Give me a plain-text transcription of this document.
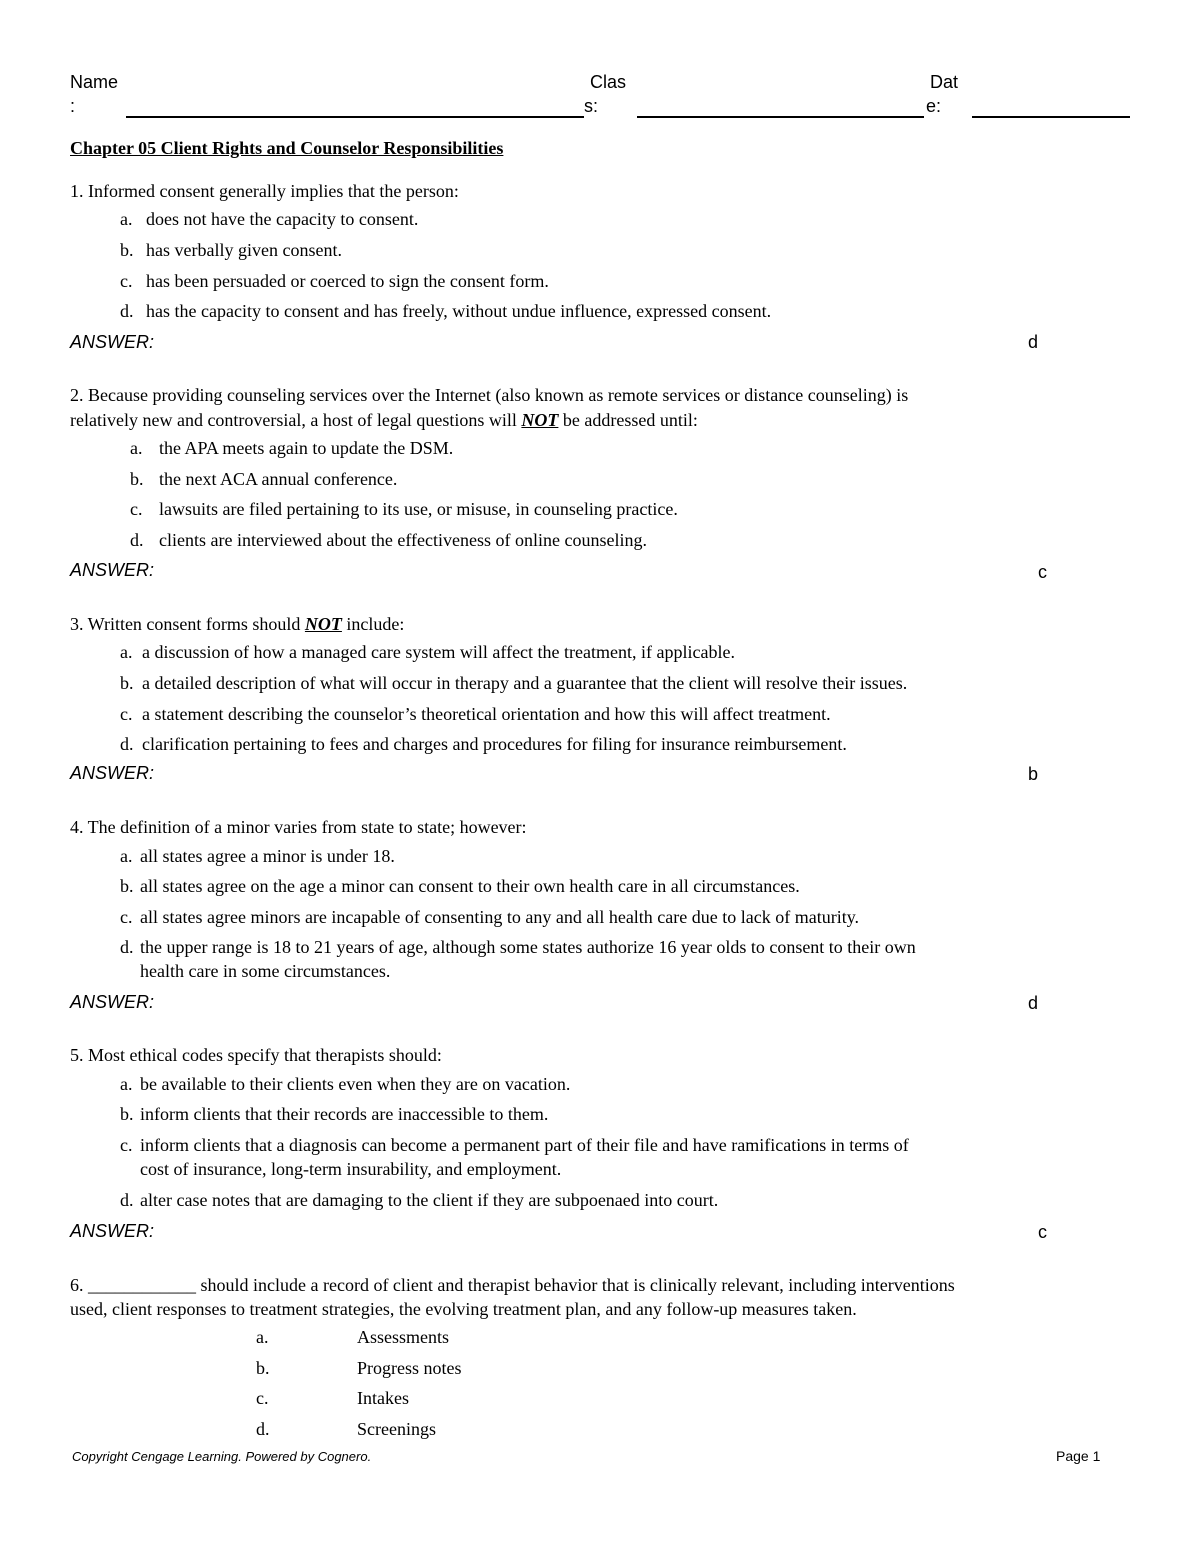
Name
:
Clas
s:
Dat
e:
Chapter 05 Client Rights and Counselor Responsibilities
1. Informed consent generally implies that the person:
a. does not have the capacity to consent.
b. has verbally given consent.
c. has been persuaded or coerced to sign the consent form.
d. has the capacity to consent and has freely, without undue influence, expressed consent.
ANSWER:	d
2. Because providing counseling services over the Internet (also known as remote services or distance counseling) is
relatively new and controversial, a host of legal questions will NOT be addressed until:
a. the APA meets again to update the DSM.
b. the next ACA annual conference.
c. lawsuits are filed pertaining to its use, or misuse, in counseling practice.
d. clients are interviewed about the effectiveness of online counseling.
ANSWER:	c
3. Written consent forms should NOT include:
a. a discussion of how a managed care system will affect the treatment, if applicable.
b. a detailed description of what will occur in therapy and a guarantee that the client will resolve their issues.
c. a statement describing the counselor’s theoretical orientation and how this will affect treatment.
d. clarification pertaining to fees and charges and procedures for filing for insurance reimbursement.
ANSWER:	b
4. The definition of a minor varies from state to state; however:
a. all states agree a minor is under 18.
b. all states agree on the age a minor can consent to their own health care in all circumstances.
c. all states agree minors are incapable of consenting to any and all health care due to lack of maturity.
d. the upper range is 18 to 21 years of age, although some states authorize 16 year olds to consent to their own
health care in some circumstances.
ANSWER:	d
5. Most ethical codes specify that therapists should:
a. be available to their clients even when they are on vacation.
b. inform clients that their records are inaccessible to them.
c. inform clients that a diagnosis can become a permanent part of their file and have ramifications in terms of
cost of insurance, long-term insurability, and employment.
d. alter case notes that are damaging to the client if they are subpoenaed into court.
ANSWER:	c
6. ____________ should include a record of client and therapist behavior that is clinically relevant, including interventions
used, client responses to treatment strategies, the evolving treatment plan, and any follow-up measures taken.
a.	Assessments
b.	Progress notes
c.	Intakes
d.	Screenings
Copyright Cengage Learning. Powered by Cognero.	Page 1
